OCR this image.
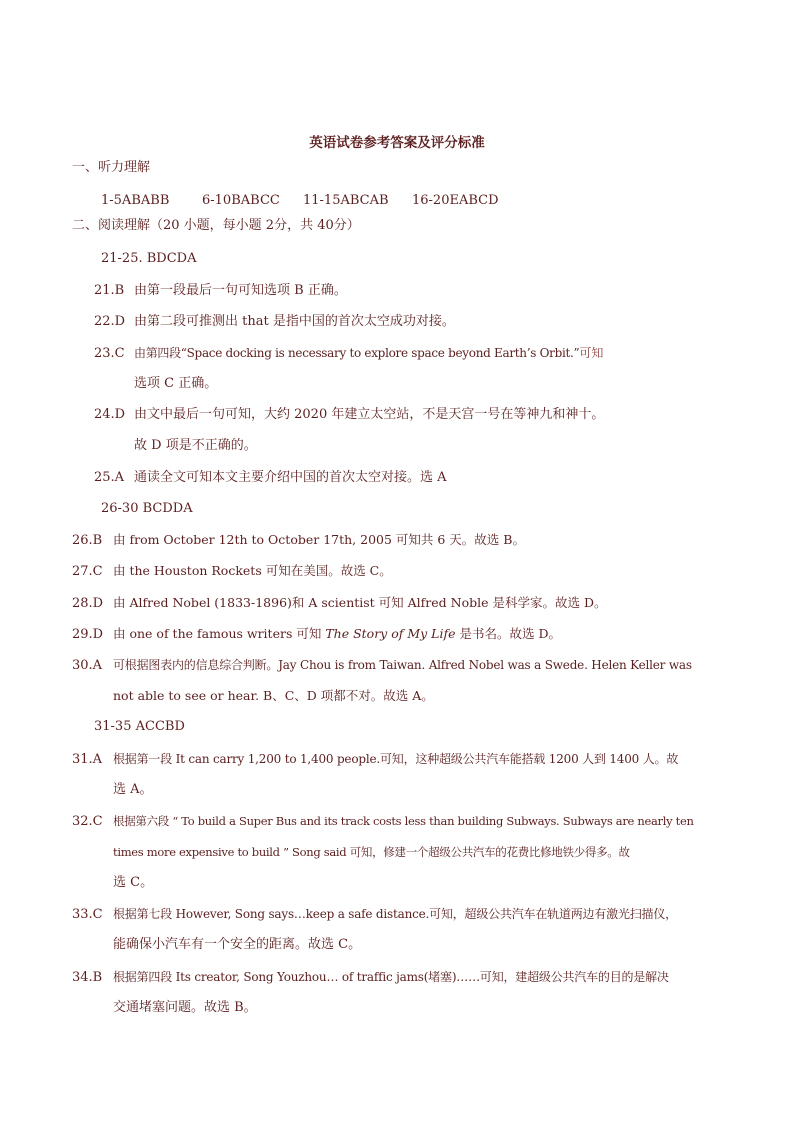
英语试卷参考答案及评分标准
一、听力理解
1-5ABABB	6-10BABCC 11-15ABCAB 16-20EABCD
二、阅读理解（20 小题，每小题 2分，共 40分）
21-25. BDCDA
21.B 由第一段最后一句可知选项 B 正确。
22.D 由第二段可推测出 that 是指中国的首次太空成功对接。
23.C 由第四段“Space docking is necessary to explore space beyond Earth’s Orbit.”可知
选项 C 正确。
24.D 由文中最后一句可知，大约 2020 年建立太空站，不是天宫一号在等神九和神十。
故 D 项是不正确的。
25.A 通读全文可知本文主要介绍中国的首次太空对接。选 A
26-30 BCDDA
26.B 由 from October 12th to October 17th, 2005 可知共 6 天。故选 B。
27.C 由 the Houston Rockets 可知在美国。故选 C。
28.D 由 Alfred Nobel (1833-1896)和 A scientist 可知 Alfred Noble 是科学家。故选 D。
29.D 由 one of the famous writers 可知 The Story of My Life 是书名。故选 D。
30.A 可根据图表内的信息综合判断。Jay Chou is from Taiwan. Alfred Nobel was a Swede. Helen Keller was
not able to see or hear. B、C、D 项都不对。故选 A。
31-35 ACCBD
31.A 根据第一段 It can carry 1,200 to 1,400 people.可知，这种超级公共汽车能搭载 1200 人到 1400 人。故
选 A。
32.C 根据第六段 “ To build a Super Bus and its track costs less than building Subways. Subways are nearly ten
times more expensive to build ” Song said 可知，修建一个超级公共汽车的花费比修地铁少得多。故
选 C。
33.C 根据第七段 However, Song says…keep a safe distance.可知，超级公共汽车在轨道两边有激光扫描仪，
能确保小汽车有一个安全的距离。故选 C。
34.B 根据第四段 Its creator, Song Youzhou… of traffic jams(堵塞)……可知，建超级公共汽车的目的是解决
交通堵塞问题。故选 B。
